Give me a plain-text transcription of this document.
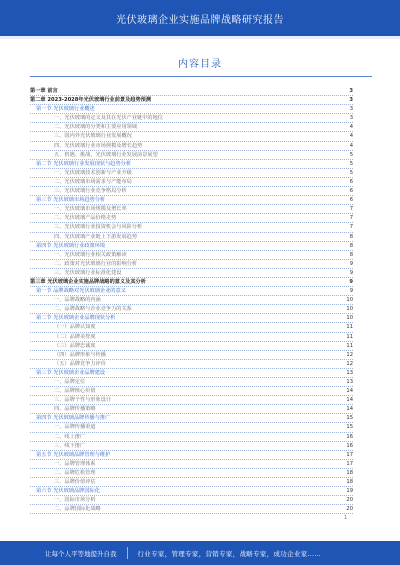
光伏玻璃企业实施品牌战略研究报告
内容目录
第一章 前言	3
第二章 2023-2028年光伏玻璃行业前景及趋势预测	3
第一节 光伏玻璃行业概述	3
一、光伏玻璃的定义及其在光伏产业链中的地位	3
二、光伏玻璃的分类和主要应用领域	4
三、国内外光伏玻璃行业发展概况	4
四、光伏玻璃行业市场规模及增长趋势	4
五、机遇、挑战、光伏玻璃行业发展前景展望	5
第二节 光伏玻璃行业发展现状与趋势分析	5
一、光伏玻璃技术创新与产业升级	5
二、光伏玻璃市场需求与产能布局	6
三、光伏玻璃行业竞争格局分析	6
第三节 光伏玻璃市场趋势分析	6
一、光伏玻璃市场规模及增长率	7
二、光伏玻璃产品价格走势	7
三、光伏玻璃行业投资机会与风险分析	7
四、光伏玻璃产业链上下游发展趋势	8
第四节 光伏玻璃行业政策环境	8
一、光伏玻璃行业相关政策解读	8
二、政策对光伏玻璃行业的影响分析	9
三、光伏玻璃行业标准化建设	9
第三章 光伏玻璃企业实施品牌战略的意义及其分析	9
第一节 品牌战略对光伏玻璃企业的意义	9
一、品牌战略的内涵	10
二、品牌战略与企业竞争力的关系	10
第二节 光伏玻璃企业品牌现状分析	10
（一）品牌认知度	11
（二）品牌美誉度	11
（三）品牌忠诚度	11
（四）品牌形象与传播	12
（五）品牌竞争力评价	12
第三节 光伏玻璃企业品牌建设	13
一、品牌定位	13
二、品牌核心价值	14
三、品牌个性与形象设计	14
四、品牌传播策略	14
第四节 光伏玻璃品牌传播与推广	15
一、品牌传播渠道	15
二、线上推广	16
三、线下推广	16
第五节 光伏玻璃品牌管理与维护	17
一、品牌管理体系	17
二、品牌危机管理	18
三、品牌价值评估	18
第六节 光伏玻璃品牌国际化	19
一、国际市场分析	20
二、品牌国际化战略	20
1
让每个人平等地提升自我	行业专家，管理专家，营销专家，战略专家，成功企业家……
